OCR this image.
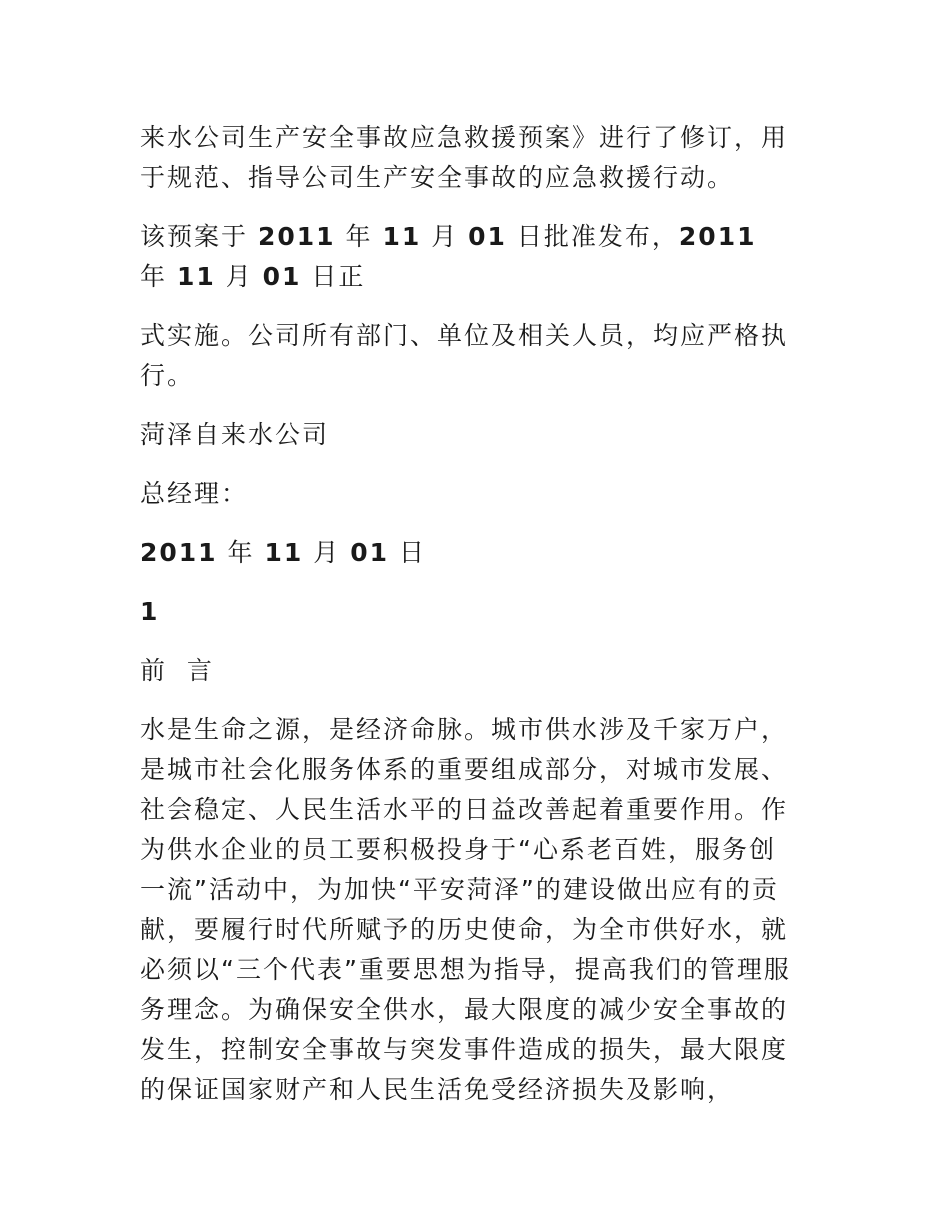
来水公司生产安全事故应急救援预案》进行了修订，用于规范、指导公司生产安全事故的应急救援行动。

该预案于 2011 年 11 月 01 日批准发布，2011 年 11 月 01 日正

式实施。公司所有部门、单位及相关人员，均应严格执行。

菏泽自来水公司

总经理：

2011 年 11 月 01 日

1

前  言

水是生命之源，是经济命脉。城市供水涉及千家万户，是城市社会化服务体系的重要组成部分，对城市发展、社会稳定、人民生活水平的日益改善起着重要作用。作为供水企业的员工要积极投身于“心系老百姓，服务创一流”活动中，为加快“平安菏泽”的建设做出应有的贡献，要履行时代所赋予的历史使命，为全市供好水，就必须以“三个代表”重要思想为指导，提高我们的管理服务理念。为确保安全供水，最大限度的减少安全事故的发生，控制安全事故与突发事件造成的损失，最大限度的保证国家财产和人民生活免受经济损失及影响，
